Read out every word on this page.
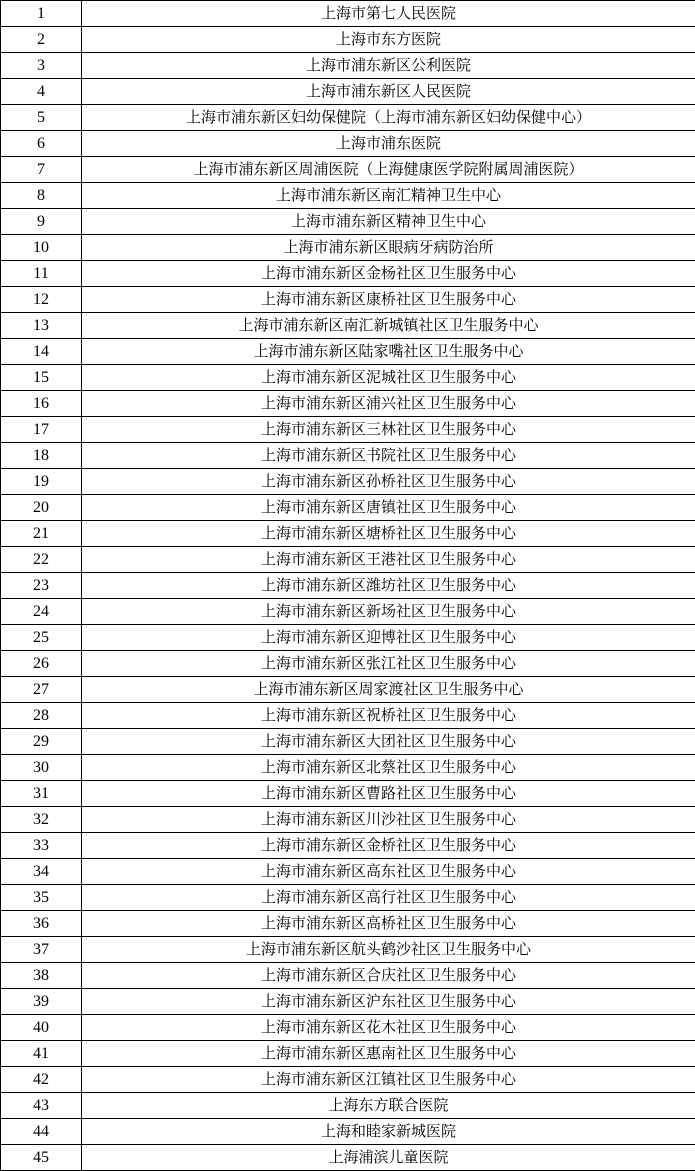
1	上海市第七人民医院
2	上海市东方医院
3	上海市浦东新区公利医院
4	上海市浦东新区人民医院
5	上海市浦东新区妇幼保健院（上海市浦东新区妇幼保健中心）
6	上海市浦东医院
7	上海市浦东新区周浦医院（上海健康医学院附属周浦医院）
8	上海市浦东新区南汇精神卫生中心
9	上海市浦东新区精神卫生中心
10	上海市浦东新区眼病牙病防治所
11	上海市浦东新区金杨社区卫生服务中心
12	上海市浦东新区康桥社区卫生服务中心
13	上海市浦东新区南汇新城镇社区卫生服务中心
14	上海市浦东新区陆家嘴社区卫生服务中心
15	上海市浦东新区泥城社区卫生服务中心
16	上海市浦东新区浦兴社区卫生服务中心
17	上海市浦东新区三林社区卫生服务中心
18	上海市浦东新区书院社区卫生服务中心
19	上海市浦东新区孙桥社区卫生服务中心
20	上海市浦东新区唐镇社区卫生服务中心
21	上海市浦东新区塘桥社区卫生服务中心
22	上海市浦东新区王港社区卫生服务中心
23	上海市浦东新区潍坊社区卫生服务中心
24	上海市浦东新区新场社区卫生服务中心
25	上海市浦东新区迎博社区卫生服务中心
26	上海市浦东新区张江社区卫生服务中心
27	上海市浦东新区周家渡社区卫生服务中心
28	上海市浦东新区祝桥社区卫生服务中心
29	上海市浦东新区大团社区卫生服务中心
30	上海市浦东新区北蔡社区卫生服务中心
31	上海市浦东新区曹路社区卫生服务中心
32	上海市浦东新区川沙社区卫生服务中心
33	上海市浦东新区金桥社区卫生服务中心
34	上海市浦东新区高东社区卫生服务中心
35	上海市浦东新区高行社区卫生服务中心
36	上海市浦东新区高桥社区卫生服务中心
37	上海市浦东新区航头鹤沙社区卫生服务中心
38	上海市浦东新区合庆社区卫生服务中心
39	上海市浦东新区沪东社区卫生服务中心
40	上海市浦东新区花木社区卫生服务中心
41	上海市浦东新区惠南社区卫生服务中心
42	上海市浦东新区江镇社区卫生服务中心
43	上海东方联合医院
44	上海和睦家新城医院
45	上海浦滨儿童医院
